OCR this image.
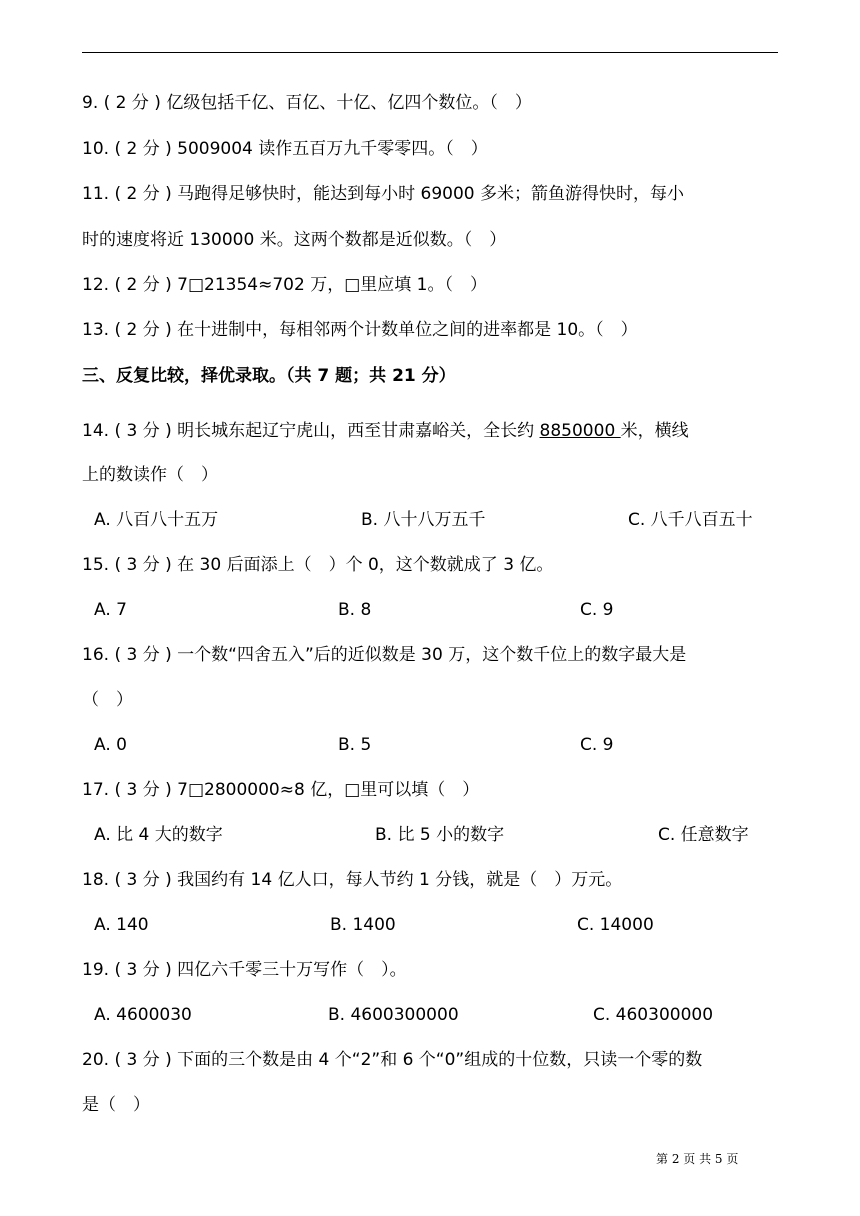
9. ( 2 分 ) 亿级包括千亿、百亿、十亿、亿四个数位。（　）
10. ( 2 分 ) 5009004 读作五百万九千零零四。（　）
11. ( 2 分 ) 马跑得足够快时，能达到每小时 69000 多米；箭鱼游得快时，每小
时的速度将近 130000 米。这两个数都是近似数。（　）
12. ( 2 分 ) 7□21354≈702 万，□里应填 1。（　）
13. ( 2 分 ) 在十进制中，每相邻两个计数单位之间的进率都是 10。（　）
三、反复比较，择优录取。（共 7 题；共 21 分）
14. ( 3 分 ) 明长城东起辽宁虎山，西至甘肃嘉峪关，全长约 8850000 米，横线
上的数读作（　）
A. 八百八十五万	B. 八十八万五千	C. 八千八百五十
15. ( 3 分 ) 在 30 后面添上（　）个 0，这个数就成了 3 亿。
A. 7	B. 8	C. 9
16. ( 3 分 ) 一个数“四舍五入”后的近似数是 30 万，这个数千位上的数字最大是
（　）
A. 0	B. 5	C. 9
17. ( 3 分 ) 7□2800000≈8 亿，□里可以填（　）
A. 比 4 大的数字	B. 比 5 小的数字	C. 任意数字
18. ( 3 分 ) 我国约有 14 亿人口，每人节约 1 分钱，就是（　）万元。
A. 140	B. 1400	C. 14000
19. ( 3 分 ) 四亿六千零三十万写作（　）。
A. 4600030	B. 4600300000	C. 460300000
20. ( 3 分 ) 下面的三个数是由 4 个“2”和 6 个“0”组成的十位数，只读一个零的数
是（　）
第 2 页 共 5 页
